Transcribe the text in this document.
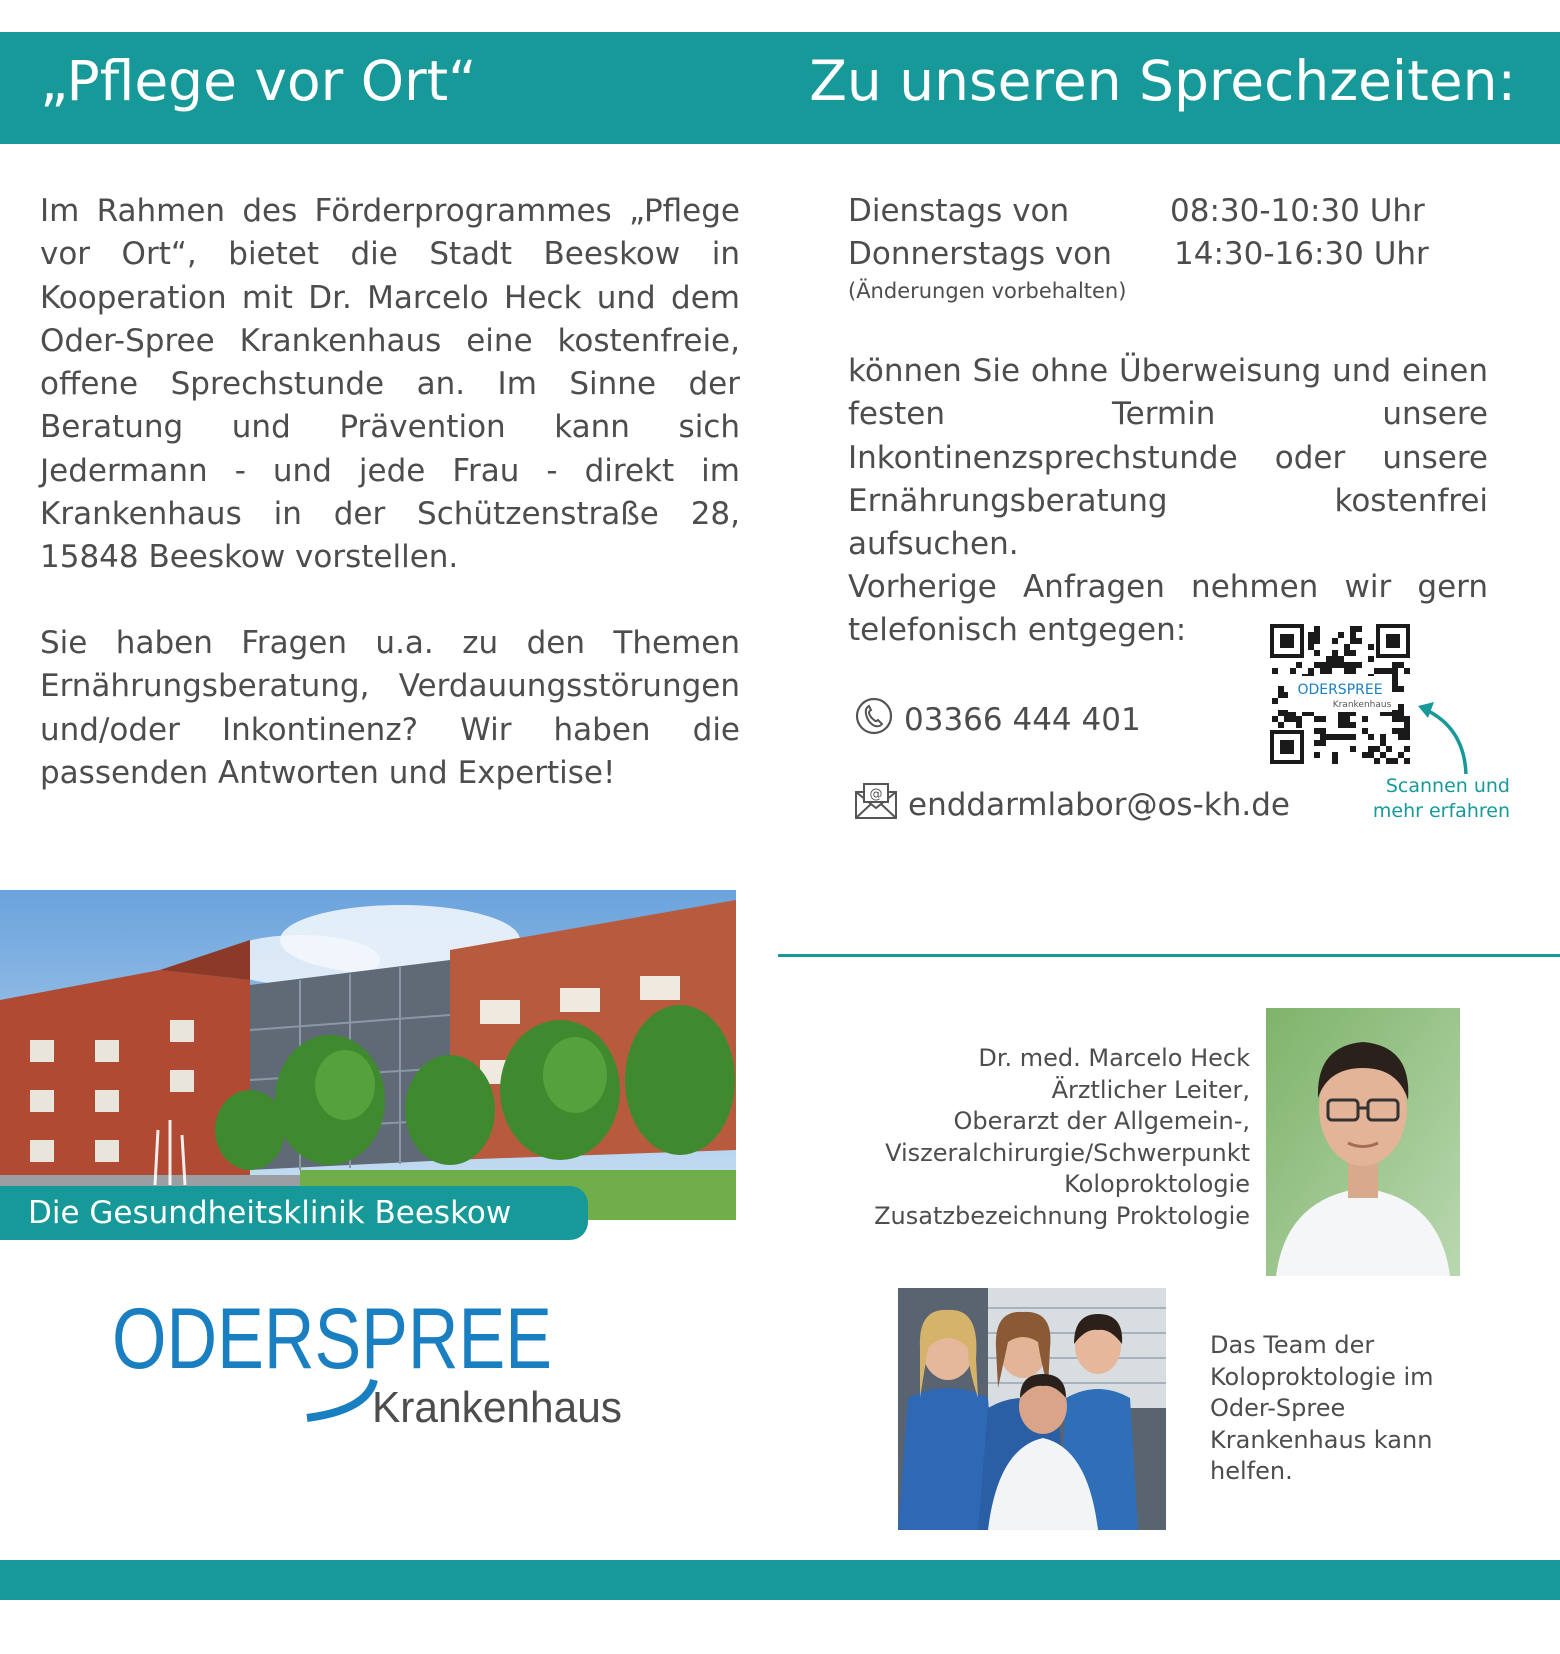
„Pflege vor Ort“	Zu unseren Sprechzeiten:

Im Rahmen des Förderprogrammes „Pflege vor Ort“, bietet die Stadt Beeskow in Kooperation mit Dr. Marcelo Heck und dem Oder-Spree Krankenhaus eine kostenfreie, offene Sprechstunde an. Im Sinne der Beratung und Prävention kann sich Jedermann - und jede Frau - direkt im Krankenhaus in der Schützenstraße 28, 15848 Beeskow vorstellen.

Sie haben Fragen u.a. zu den Themen Ernährungsberatung, Verdauungsstörungen und/oder Inkontinenz? Wir haben die passenden Antworten und Expertise!

Dienstags von	08:30-10:30 Uhr
Donnerstags von 14:30-16:30 Uhr
(Änderungen vorbehalten)

können Sie ohne Überweisung und einen festen Termin unsere Inkontinenzsprechstunde oder unsere Ernährungsberatung kostenfrei aufsuchen.

Vorherige Anfragen nehmen wir gern telefonisch entgegen:

03366 444 401
@ enddarmlabor@os-kh.de
ODERSPREE
Krankenhaus
Scannen und
mehr erfahren
Die Gesundheitsklinik Beeskow
ODERSPREE
Krankenhaus
Dr. med. Marcelo Heck
Ärztlicher Leiter,
Oberarzt der Allgemein-,
Viszeralchirurgie/Schwerpunkt
Koloproktologie
Zusatzbezeichnung Proktologie
Das Team der
Koloproktologie im
Oder-Spree
Krankenhaus kann
helfen.
